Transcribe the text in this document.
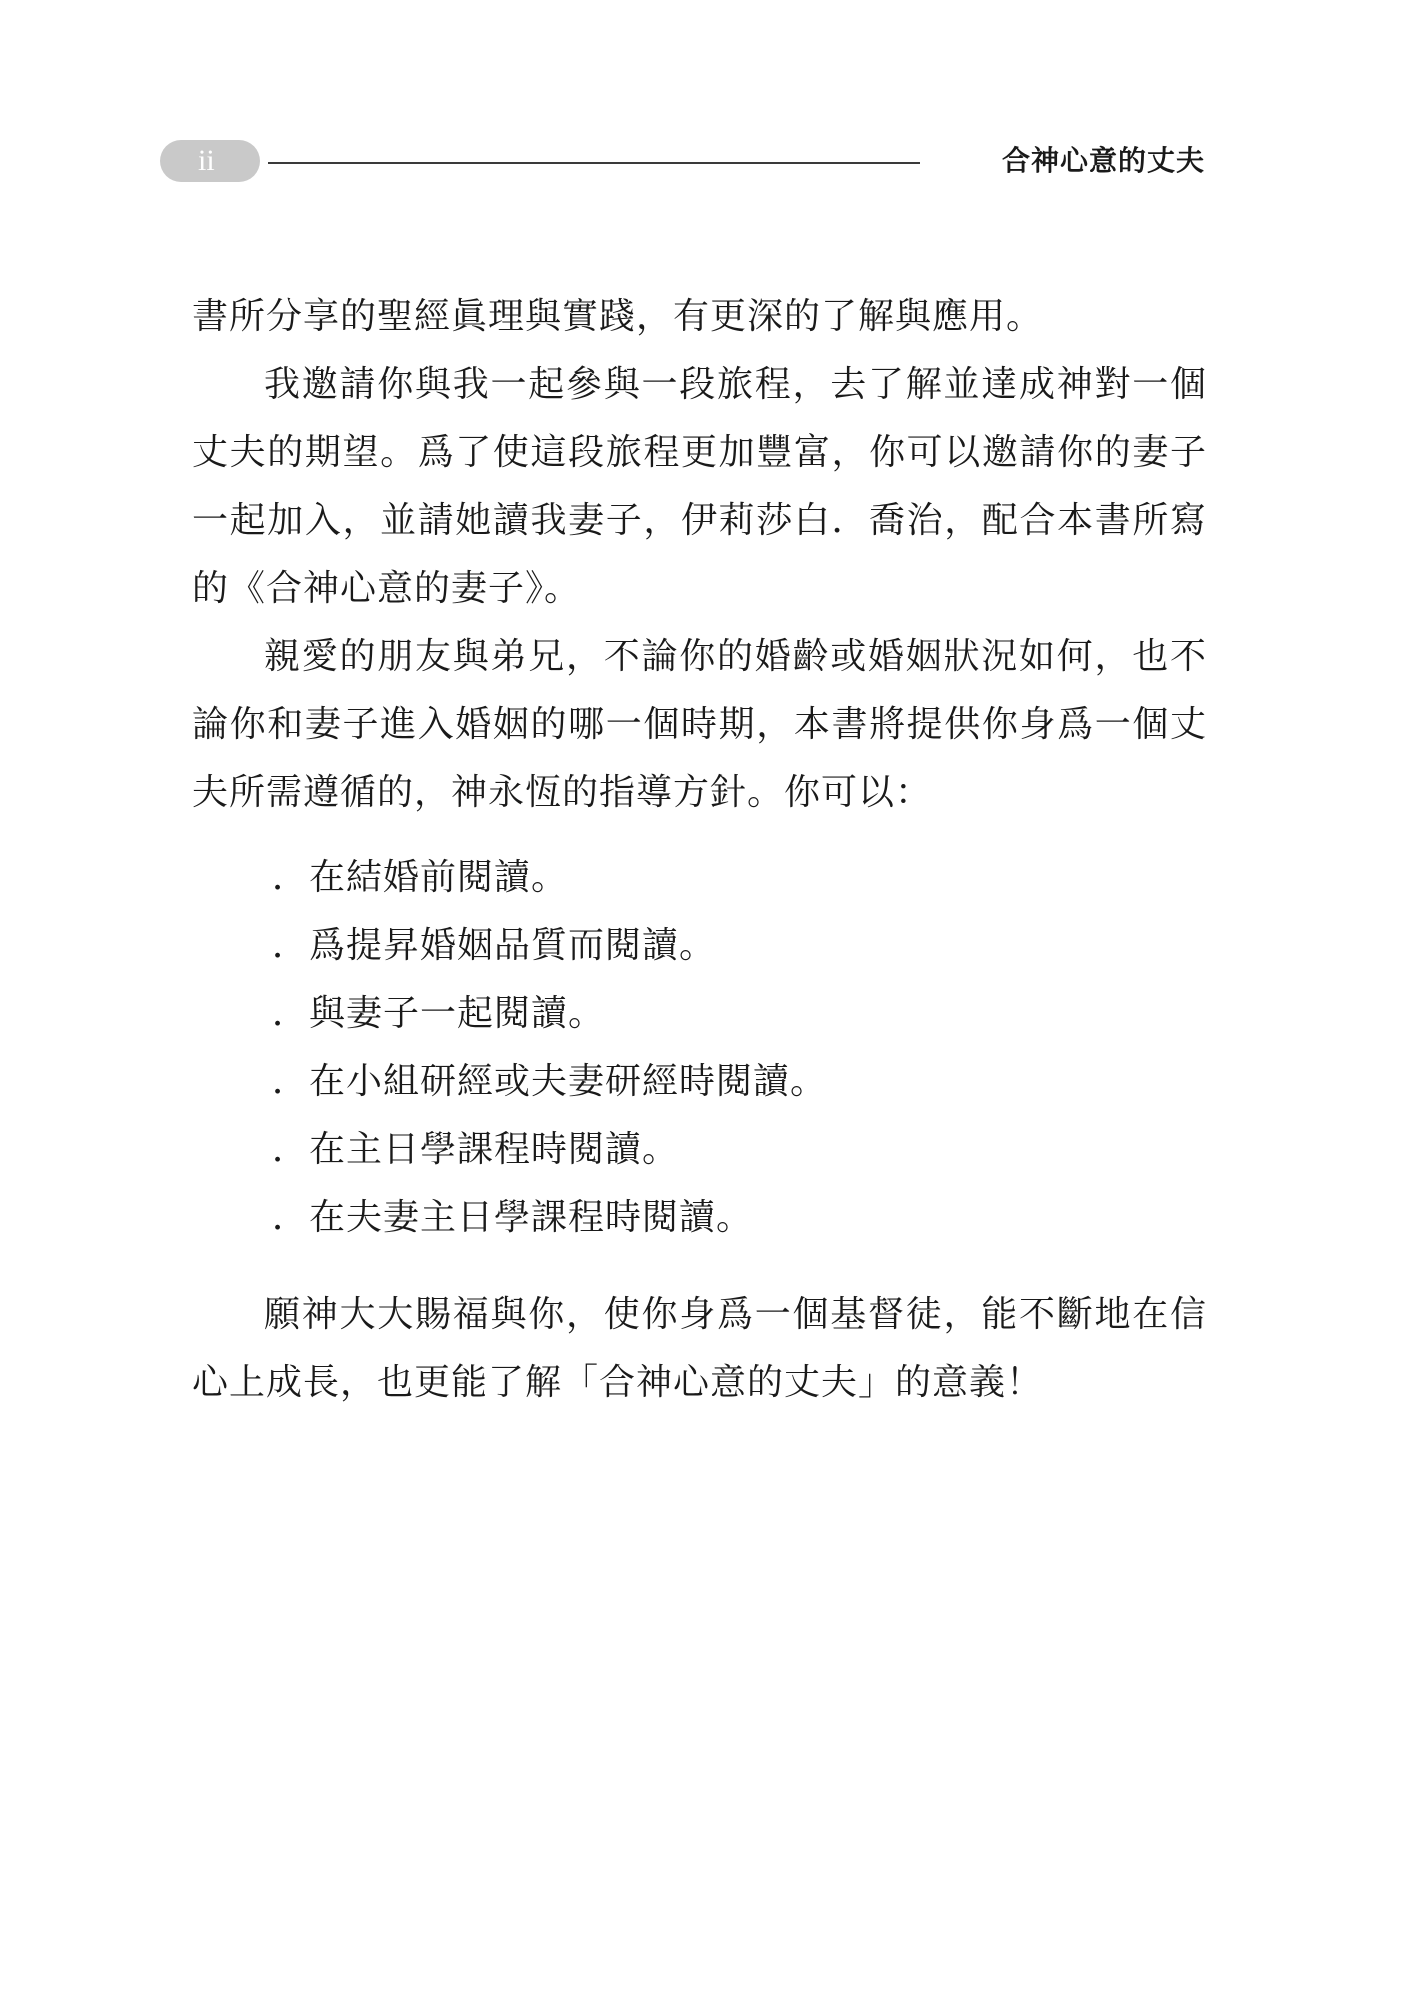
ii	合神心意的丈夫

書所分享的聖經眞理與實踐，有更深的了解與應用。

我邀請你與我一起參與一段旅程，去了解並達成神對一個丈夫的期望。爲了使這段旅程更加豐富，你可以邀請你的妻子一起加入，並請她讀我妻子，伊莉莎白．喬治，配合本書所寫的《合神心意的妻子》。

親愛的朋友與弟兄，不論你的婚齡或婚姻狀況如何，也不論你和妻子進入婚姻的哪一個時期，本書將提供你身爲一個丈夫所需遵循的，神永恆的指導方針。你可以：

．在結婚前閱讀。
．爲提昇婚姻品質而閱讀。
．與妻子一起閱讀。
．在小組研經或夫妻研經時閱讀。
．在主日學課程時閱讀。
．在夫妻主日學課程時閱讀。

願神大大賜福與你，使你身爲一個基督徒，能不斷地在信心上成長，也更能了解「合神心意的丈夫」的意義！
